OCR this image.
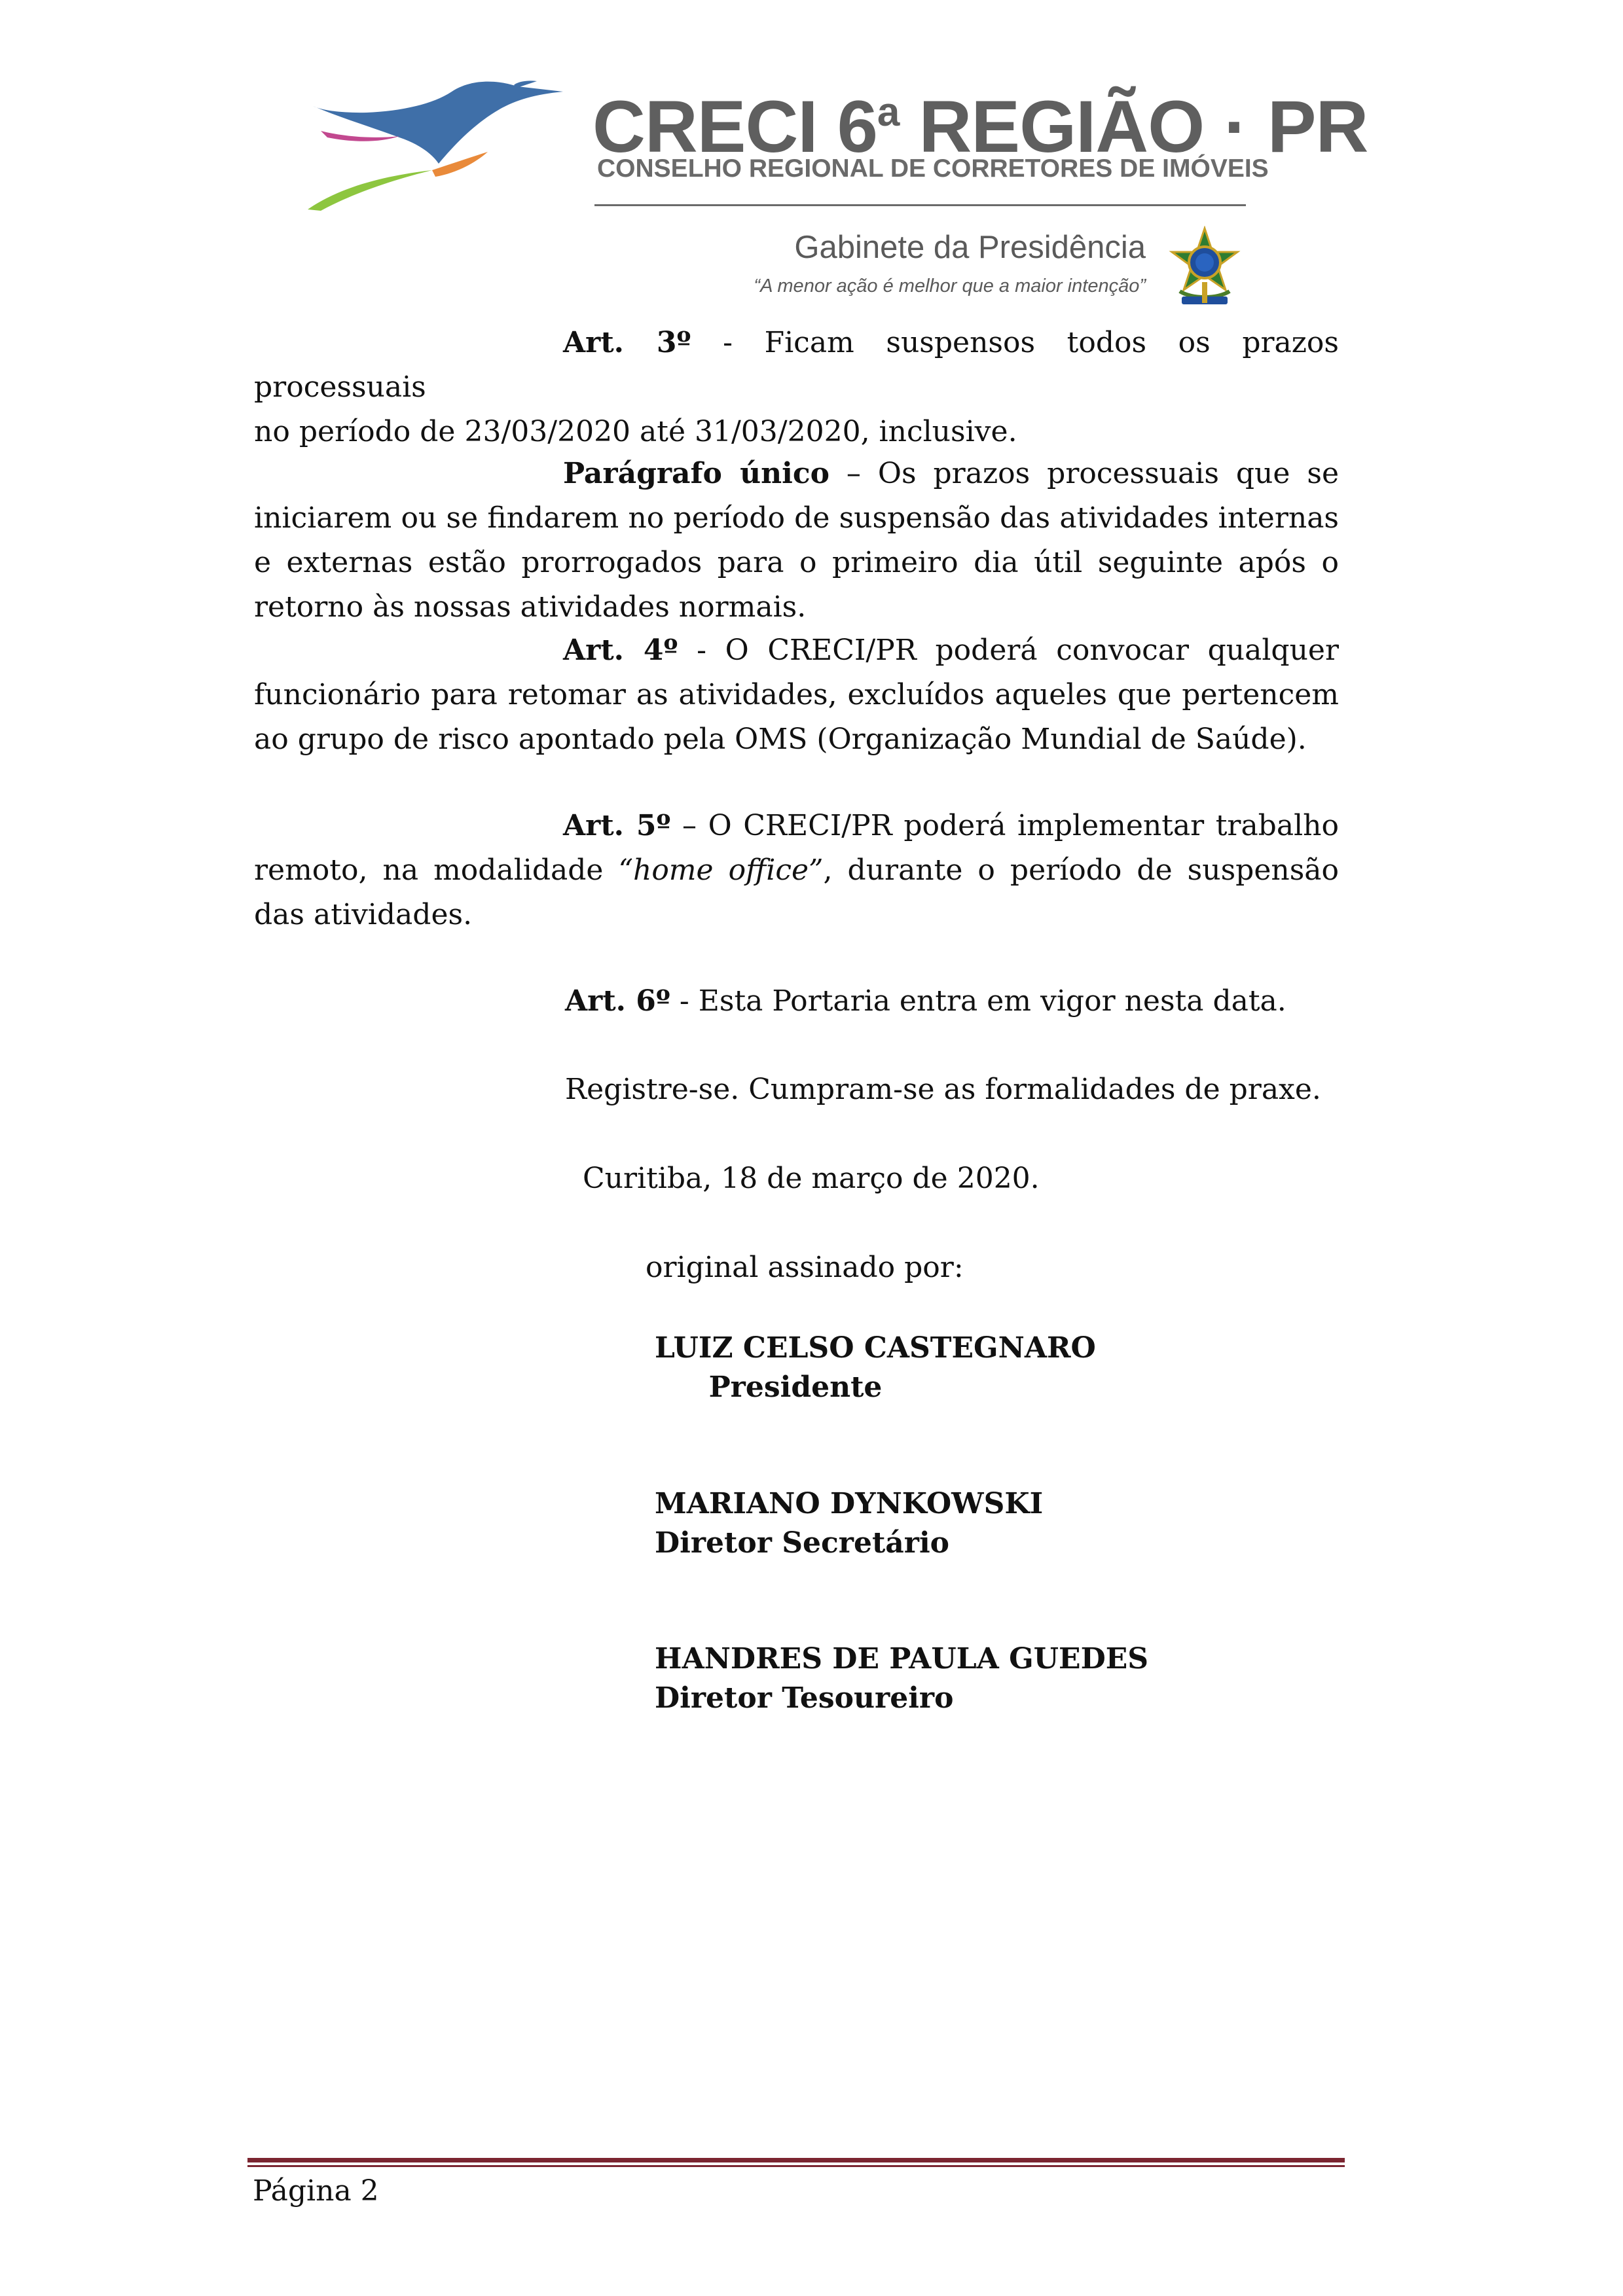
CRECI 6$^a$ REGIÃO · PR
CONSELHO REGIONAL DE CORRETORES DE IMÓVEIS
Gabinete da Presidência
“A menor ação é melhor que a maior intenção”
Art. 3º - Ficam suspensos todos os prazos processuais
no período de 23/03/2020 até 31/03/2020, inclusive.
Parágrafo único – Os prazos processuais que se iniciarem ou se findarem no período de suspensão das atividades internas e externas estão prorrogados para o primeiro dia útil seguinte após o retorno às nossas atividades normais.
Art. 4º - O CRECI/PR poderá convocar qualquer funcionário para retomar as atividades, excluídos aqueles que pertencem ao grupo de risco apontado pela OMS (Organização Mundial de Saúde).
Art. 5º – O CRECI/PR poderá implementar trabalho remoto, na modalidade “home office”, durante o período de suspensão das atividades.
Art. 6º - Esta Portaria entra em vigor nesta data.
Registre-se. Cumpram-se as formalidades de praxe.
Curitiba, 18 de março de 2020.
original assinado por:
LUIZ CELSO CASTEGNARO
Presidente
MARIANO DYNKOWSKI
Diretor Secretário
HANDRES DE PAULA GUEDES
Diretor Tesoureiro
Página 2
